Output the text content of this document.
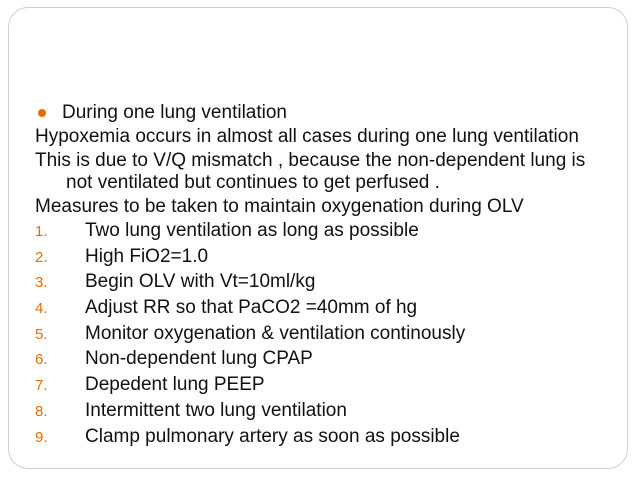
During one lung ventilation

Hypoxemia occurs in almost all cases during one lung ventilation

This is due to V/Q mismatch , because the non-dependent lung is not ventilated but continues to get perfused .

Measures to be taken to maintain oxygenation during OLV

1.	Two lung ventilation as long as possible
2.	High FiO2=1.0
3.	Begin OLV with Vt=10ml/kg
4.	Adjust RR so that PaCO2 =40mm of hg
5.	Monitor oxygenation & ventilation continously
6.	Non-dependent lung CPAP
7.	Depedent lung PEEP
8.	Intermittent two lung ventilation
9.	Clamp pulmonary artery as soon as possible
